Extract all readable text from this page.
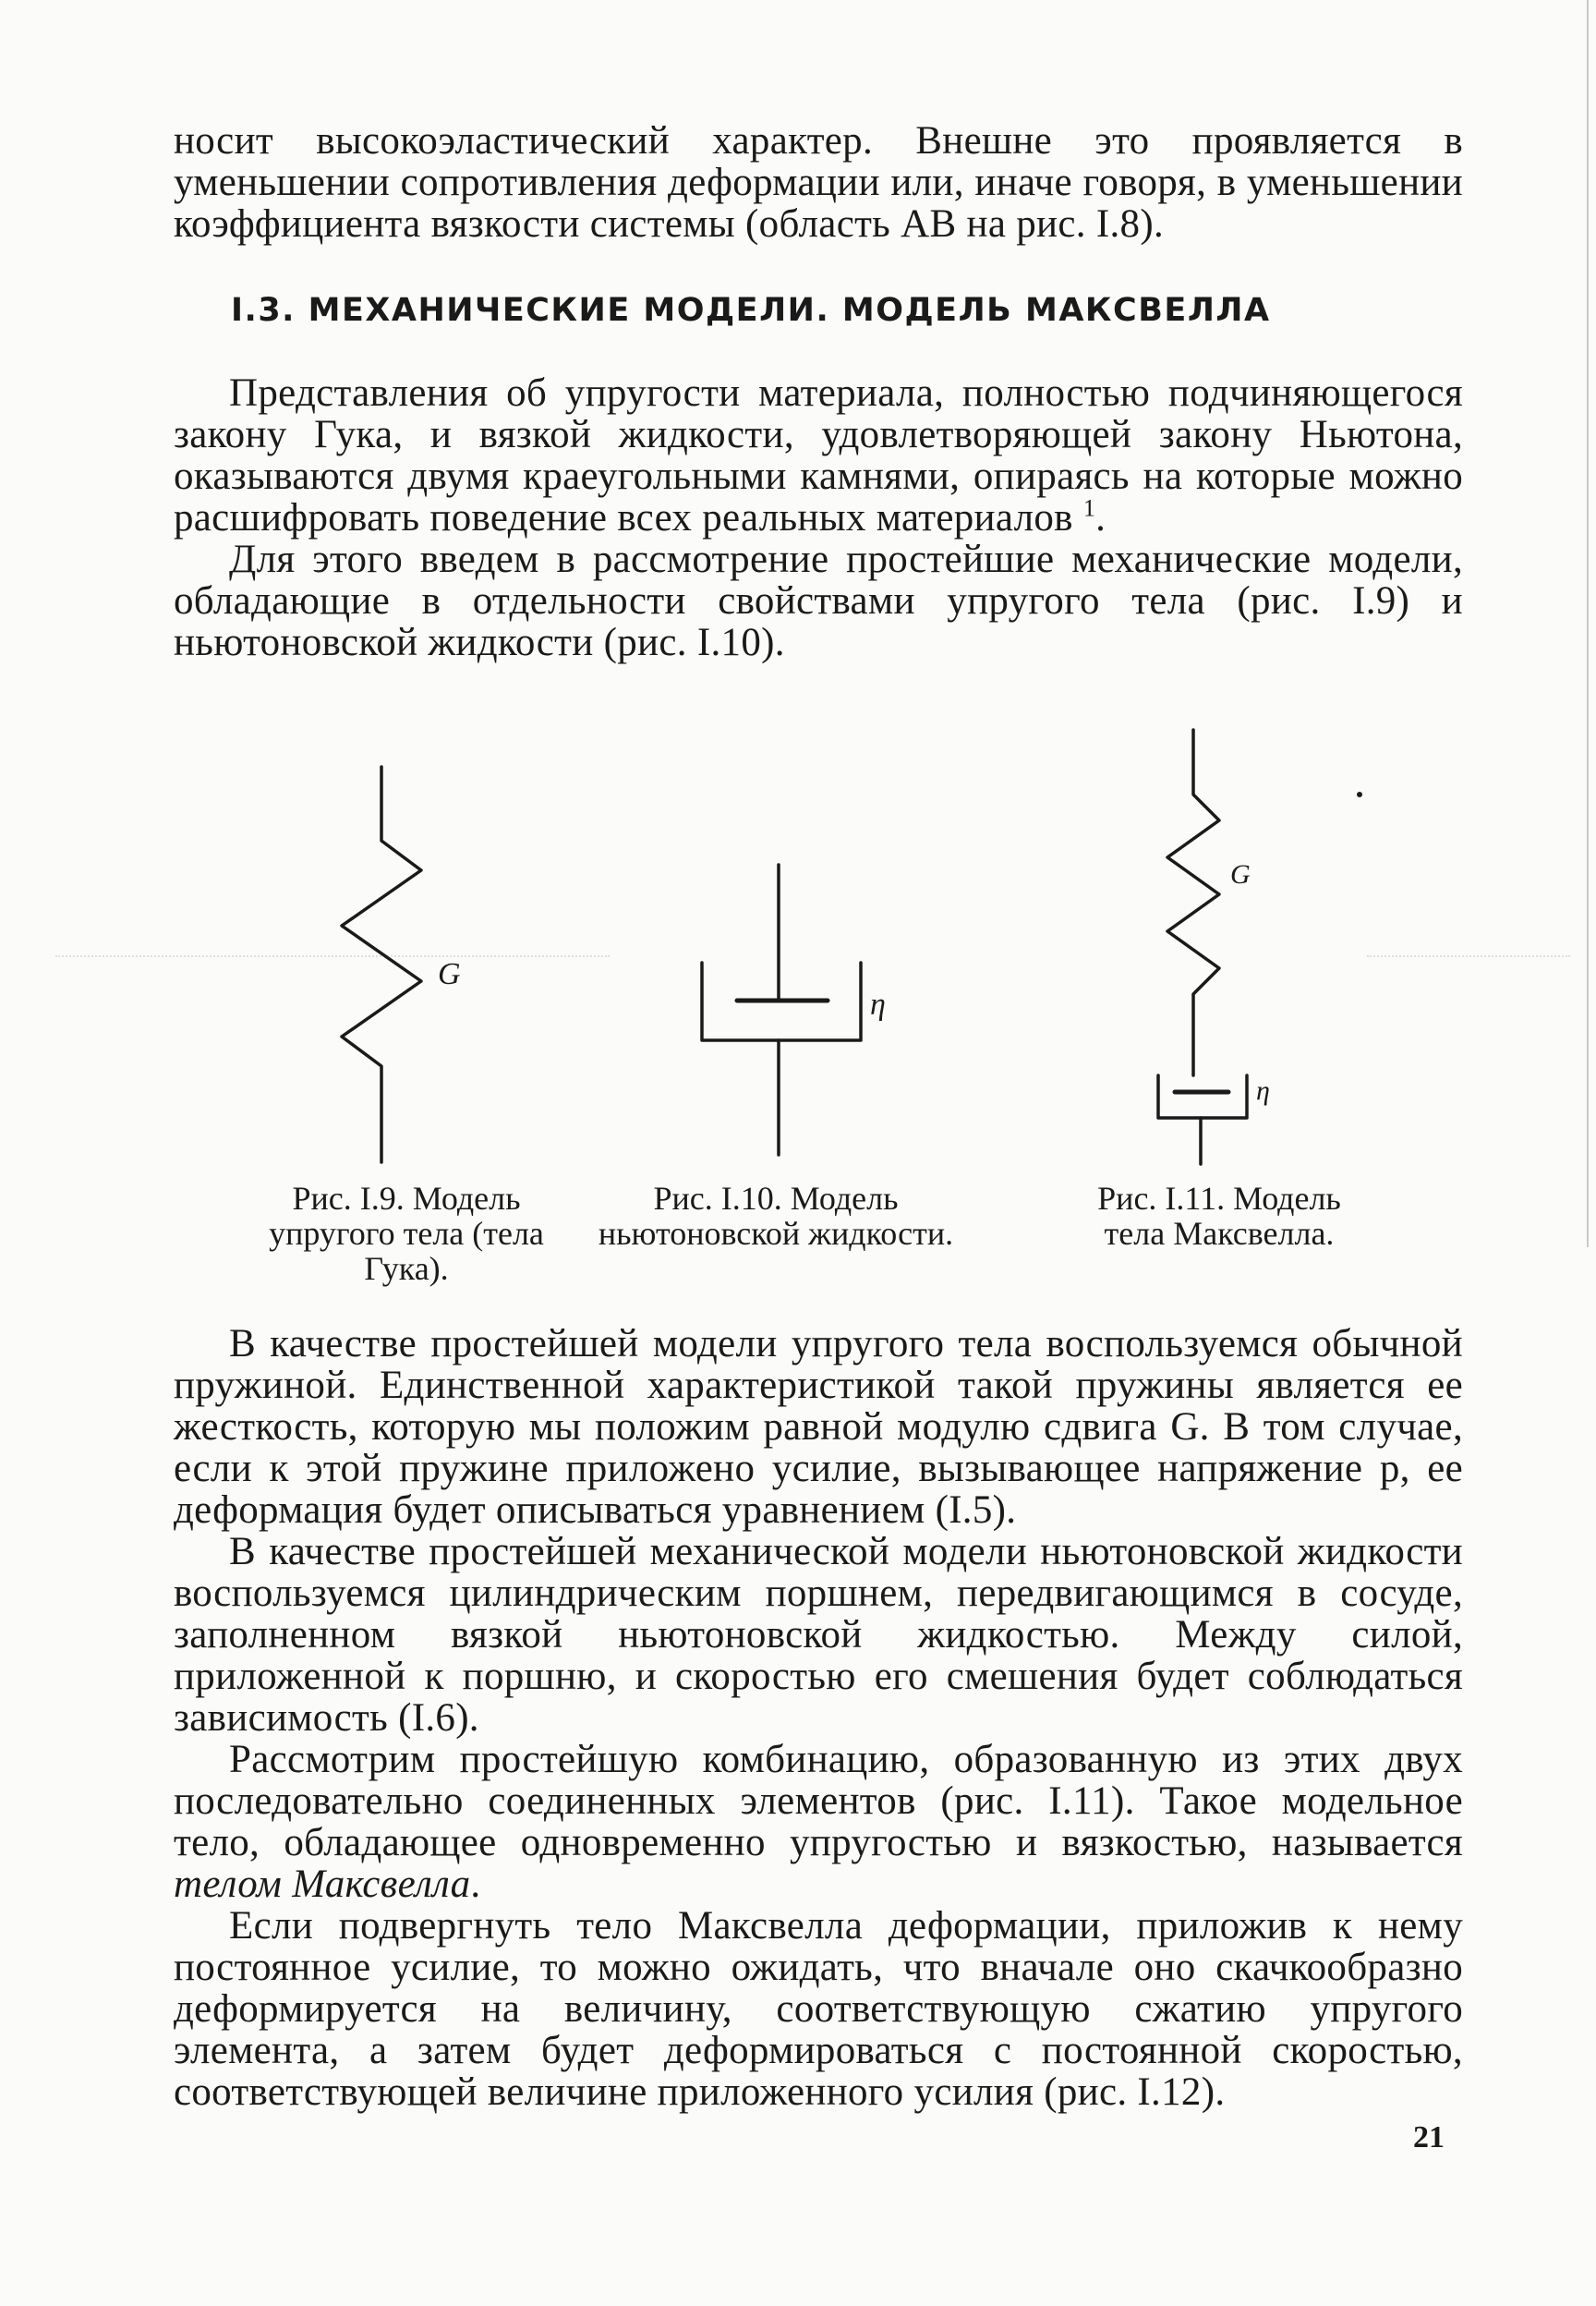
носит высокоэластический характер. Внешне это проявляется в уменьшении сопротивления деформации или, иначе говоря, в уменьшении коэффициента вязкости системы (область AB на рис. I.8).

I.3. МЕХАНИЧЕСКИЕ МОДЕЛИ. МОДЕЛЬ МАКСВЕЛЛА

Представления об упругости материала, полностью подчиняющегося закону Гука, и вязкой жидкости, удовлетворяющей закону Ньютона, оказываются двумя краеугольными камнями, опираясь на которые можно расшифровать поведение всех реальных материалов $^1$.

Для этого введем в рассмотрение простейшие механические модели, обладающие в отдельности свойствами упругого тела (рис. I.9) и ньютоновской жидкости (рис. I.10).

G
η
G
η
Рис. I.9. Модель упругого тела (тела Гука).
Рис. I.10. Модель ньютоновской жидкости.
Рис. I.11. Модель тела Максвелла.

В качестве простейшей модели упругого тела воспользуемся обычной пружиной. Единственной характеристикой такой пружины является ее жесткость, которую мы положим равной модулю сдвига G. В том случае, если к этой пружине приложено усилие, вызывающее напряжение p, ее деформация будет описываться уравнением (I.5).

В качестве простейшей механической модели ньютоновской жидкости воспользуемся цилиндрическим поршнем, передвигающимся в сосуде, заполненном вязкой ньютоновской жидкостью. Между силой, приложенной к поршню, и скоростью его смешения будет соблюдаться зависимость (I.6).

Рассмотрим простейшую комбинацию, образованную из этих двух последовательно соединенных элементов (рис. I.11). Такое модельное тело, обладающее одновременно упругостью и вязкостью, называется телом Максвелла.

Если подвергнуть тело Максвелла деформации, приложив к нему постоянное усилие, то можно ожидать, что вначале оно скачкообразно деформируется на величину, соответствующую сжатию упругого элемента, а затем будет деформироваться с постоянной скоростью, соответствующей величине приложенного усилия (рис. I.12).

21
